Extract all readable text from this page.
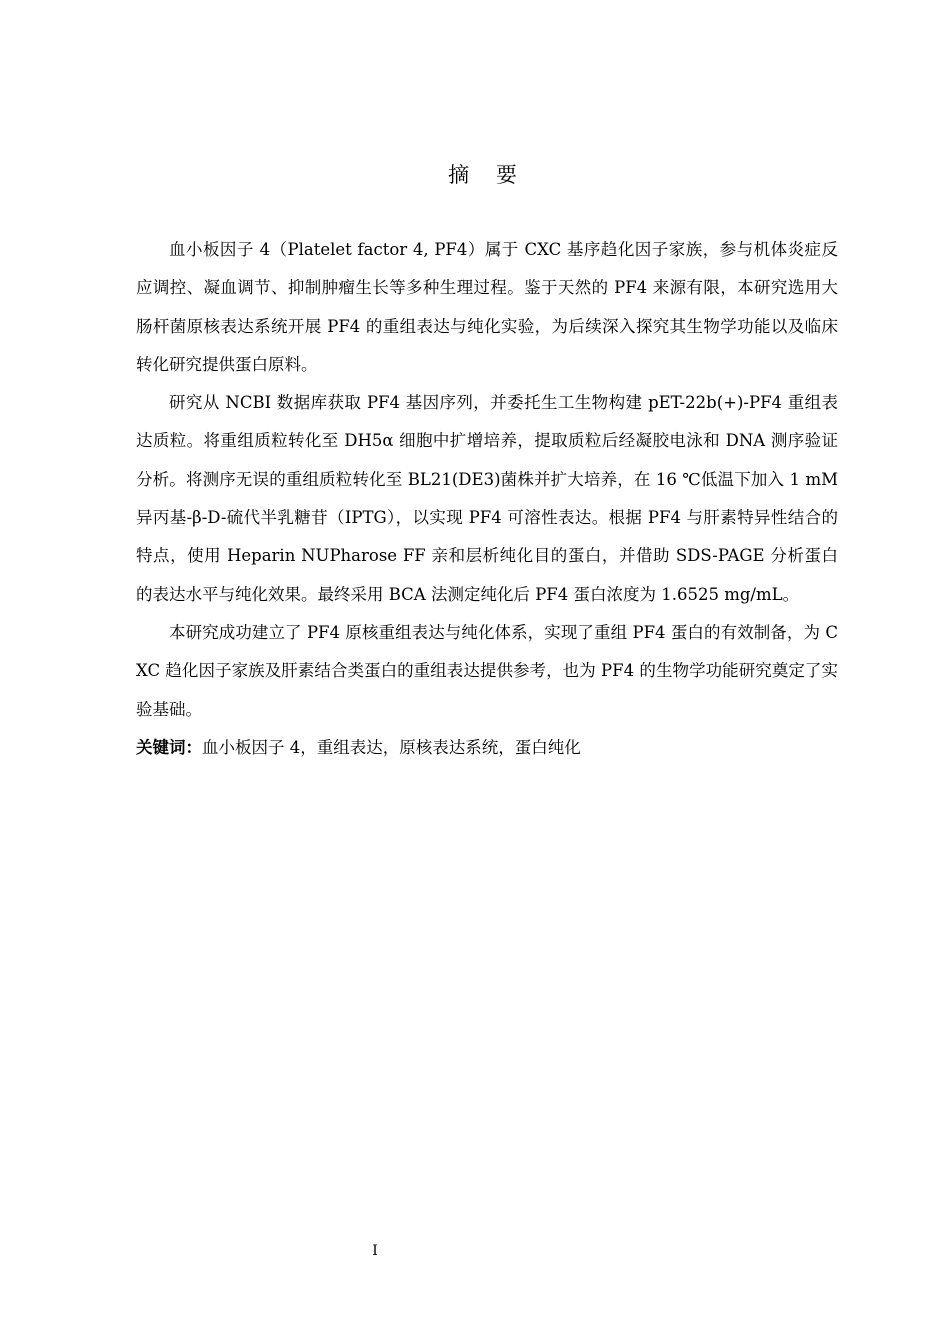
摘 要

血小板因子 4（Platelet factor 4, PF4）属于 CXC 基序趋化因子家族，参与机体炎症反应调控、凝血调节、抑制肿瘤生长等多种生理过程。鉴于天然的 PF4 来源有限，本研究选用大肠杆菌原核表达系统开展 PF4 的重组表达与纯化实验，为后续深入探究其生物学功能以及临床转化研究提供蛋白原料。

研究从 NCBI 数据库获取 PF4 基因序列，并委托生工生物构建 pET-22b(+)-PF4 重组表达质粒。将重组质粒转化至 DH5α 细胞中扩增培养，提取质粒后经凝胶电泳和 DNA 测序验证分析。将测序无误的重组质粒转化至 BL21(DE3)菌株并扩大培养，在 16 ℃低温下加入 1 mM 异丙基-β-D-硫代半乳糖苷（IPTG），以实现 PF4 可溶性表达。根据 PF4 与肝素特异性结合的特点，使用 Heparin NUPharose FF 亲和层析纯化目的蛋白，并借助 SDS-PAGE 分析蛋白的表达水平与纯化效果。最终采用 BCA 法测定纯化后 PF4 蛋白浓度为 1.6525 mg/mL。

本研究成功建立了 PF4 原核重组表达与纯化体系，实现了重组 PF4 蛋白的有效制备，为 CXC 趋化因子家族及肝素结合类蛋白的重组表达提供参考，也为 PF4 的生物学功能研究奠定了实验基础。

关键词：血小板因子 4，重组表达，原核表达系统，蛋白纯化

I
